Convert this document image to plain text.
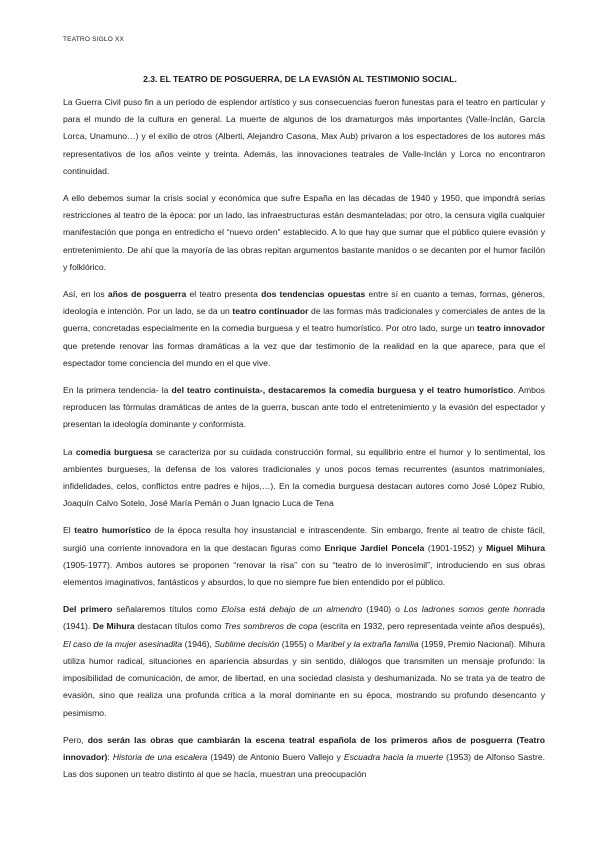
TEATRO SIGLO XX
2.3. EL TEATRO DE POSGUERRA, DE LA EVASIÓN AL TESTIMONIO SOCIAL.

La Guerra Civil puso fin a un periodo de esplendor artístico y sus consecuencias fueron funestas para el teatro en particular y para el mundo de la cultura en general. La muerte de algunos de los dramaturgos más importantes (Valle-Inclán, García Lorca, Unamuno…) y el exilio de otros (Alberti, Alejandro Casona, Max Aub) privaron a los espectadores de los autores más representativos de los años veinte y treinta. Además, las innovaciones teatrales de Valle-Inclán y Lorca no encontraron continuidad.

A ello debemos sumar la crisis social y económica que sufre España en las décadas de 1940 y 1950, que impondrá serias restricciones al teatro de la época: por un lado, las infraestructuras están desmanteladas; por otro, la censura vigila cualquier manifestación que ponga en entredicho el “nuevo orden” establecido. A lo que hay que sumar que el público quiere evasión y entretenimiento. De ahí que la mayoría de las obras repitan argumentos bastante manidos o se decanten por el humor facilón y folklórico.

Así, en los años de posguerra el teatro presenta dos tendencias opuestas entre sí en cuanto a temas, formas, géneros, ideología e intención. Por un lado, se da un teatro continuador de las formas más tradicionales y comerciales de antes de la guerra, concretadas especialmente en la comedia burguesa y el teatro humorístico. Por otro lado, surge un teatro innovador que pretende renovar las formas dramáticas a la vez que dar testimonio de la realidad en la que aparece, para que el espectador tome conciencia del mundo en el que vive.

En la primera tendencia- la del teatro continuista-, destacaremos la comedia burguesa y el teatro humorístico. Ambos reproducen las fórmulas dramáticas de antes de la guerra, buscan ante todo el entretenimiento y la evasión del espectador y presentan la ideología dominante y conformista.

La comedia burguesa se caracteriza por su cuidada construcción formal, su equilibrio entre el humor y lo sentimental, los ambientes burgueses, la defensa de los valores tradicionales y unos pocos temas recurrentes (asuntos matrimoniales, infidelidades, celos, conflictos entre padres e hijos,…). En la comedia burguesa destacan autores como José López Rubio, Joaquín Calvo Sotelo, José María Pemán o Juan Ignacio Luca de Tena

El teatro humorístico de la época resulta hoy insustancial e intrascendente. Sin embargo, frente al teatro de chiste fácil, surgió una corriente innovadora en la que destacan figuras como Enrique Jardiel Poncela (1901-1952) y Miguel Mihura (1905-1977). Ambos autores se proponen “renovar la risa” con su “teatro de lo inverosímil”, introduciendo en sus obras elementos imaginativos, fantásticos y absurdos, lo que no siempre fue bien entendido por el público.

Del primero señalaremos títulos como Eloísa está debajo de un almendro (1940) o Los ladrones somos gente honrada (1941). De Mihura destacan títulos como Tres sombreros de copa (escrita en 1932, pero representada veinte años después), El caso de la mujer asesinadita (1946), Sublime decisión (1955) o Maribel y la extraña familia (1959, Premio Nacional). Mihura utiliza humor radical, situaciones en apariencia absurdas y sin sentido, diálogos que transmiten un mensaje profundo: la imposibilidad de comunicación, de amor, de libertad, en una sociedad clasista y deshumanizada. No se trata ya de teatro de evasión, sino que realiza una profunda crítica a la moral dominante en su época, mostrando su profundo desencanto y pesimismo.

Pero, dos serán las obras que cambiarán la escena teatral española de los primeros años de posguerra (Teatro innovador): Historia de una escalera (1949) de Antonio Buero Vallejo y Escuadra hacia la muerte (1953) de Alfonso Sastre. Las dos suponen un teatro distinto al que se hacía, muestran una preocupación
